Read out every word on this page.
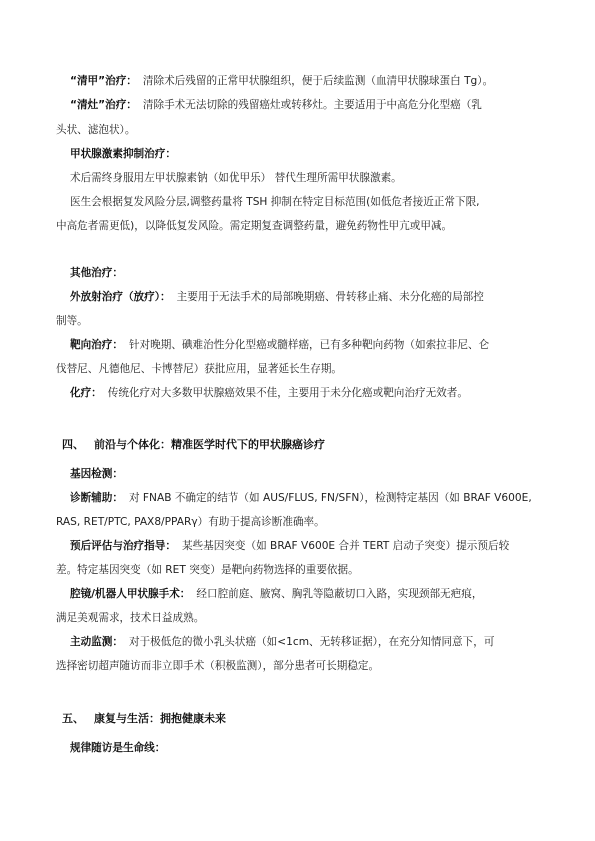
“清甲”治疗： 清除术后残留的正常甲状腺组织，便于后续监测（血清甲状腺球蛋白 Tg）。
“清灶”治疗： 清除手术无法切除的残留癌灶或转移灶。主要适用于中高危分化型癌（乳
头状、滤泡状）。
甲状腺激素抑制治疗：
术后需终身服用左甲状腺素钠（如优甲乐） 替代生理所需甲状腺激素。
医生会根据复发风险分层,调整药量将 TSH 抑制在特定目标范围(如低危者接近正常下限,
中高危者需更低)，以降低复发风险。需定期复查调整药量，避免药物性甲亢或甲减。
其他治疗：
外放射治疗（放疗）： 主要用于无法手术的局部晚期癌、骨转移止痛、未分化癌的局部控
制等。
靶向治疗： 针对晚期、碘难治性分化型癌或髓样癌，已有多种靶向药物（如索拉非尼、仑
伐替尼、凡德他尼、卡博替尼）获批应用，显著延长生存期。
化疗： 传统化疗对大多数甲状腺癌效果不佳，主要用于未分化癌或靶向治疗无效者。
四、 前沿与个体化：精准医学时代下的甲状腺癌诊疗
基因检测：
诊断辅助： 对 FNAB 不确定的结节（如 AUS/FLUS, FN/SFN），检测特定基因（如 BRAF V600E,
RAS, RET/PTC, PAX8/PPARγ）有助于提高诊断准确率。
预后评估与治疗指导： 某些基因突变（如 BRAF V600E 合并 TERT 启动子突变）提示预后较
差。特定基因突变（如 RET 突变）是靶向药物选择的重要依据。
腔镜/机器人甲状腺手术： 经口腔前庭、腋窝、胸乳等隐蔽切口入路，实现颈部无疤痕，
满足美观需求，技术日益成熟。
主动监测： 对于极低危的微小乳头状癌（如<1cm、无转移证据），在充分知情同意下，可
选择密切超声随访而非立即手术（积极监测），部分患者可长期稳定。
五、 康复与生活：拥抱健康未来
规律随访是生命线：
